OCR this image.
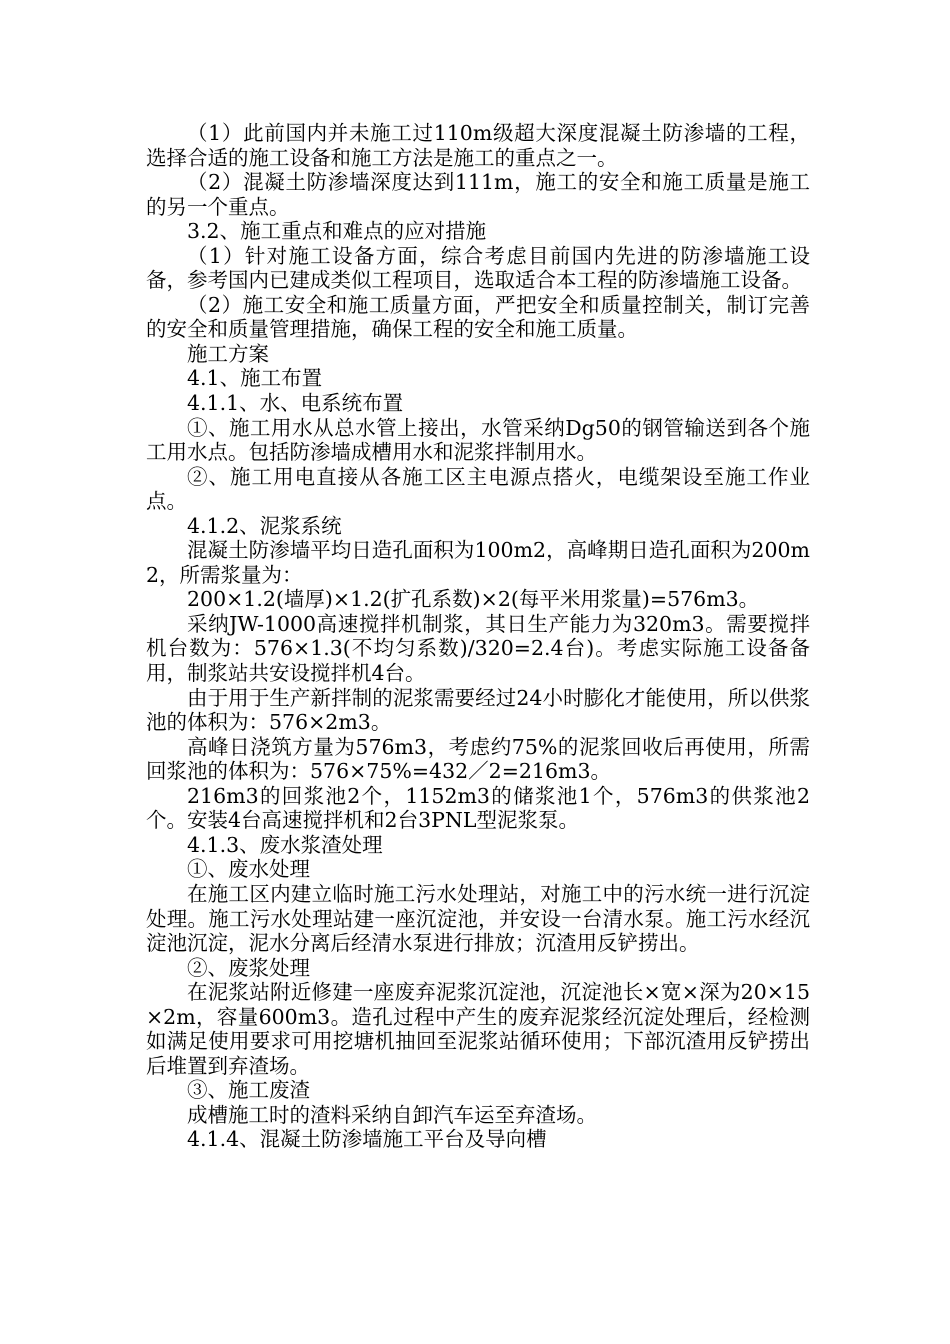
（1）此前国内并未施工过110m级超大深度混凝土防渗墙的工程，选择合适的施工设备和施工方法是施工的重点之一。

（2）混凝土防渗墙深度达到111m，施工的安全和施工质量是施工的另一个重点。

3.2、施工重点和难点的应对措施

（1）针对施工设备方面，综合考虑目前国内先进的防渗墙施工设备，参考国内已建成类似工程项目，选取适合本工程的防渗墙施工设备。

（2）施工安全和施工质量方面，严把安全和质量控制关，制订完善的安全和质量管理措施，确保工程的安全和施工质量。

施工方案

4.1、施工布置

4.1.1、水、电系统布置

①、施工用水从总水管上接出，水管采纳Dg50的钢管输送到各个施工用水点。包括防渗墙成槽用水和泥浆拌制用水。

②、施工用电直接从各施工区主电源点搭火，电缆架设至施工作业点。

4.1.2、泥浆系统

混凝土防渗墙平均日造孔面积为100m2，高峰期日造孔面积为200m2，所需浆量为：

200×1.2(墙厚)×1.2(扩孔系数)×2(每平米用浆量)=576m3。

采纳JW-1000高速搅拌机制浆，其日生产能力为320m3。需要搅拌机台数为：576×1.3(不均匀系数)/320=2.4台)。考虑实际施工设备备用，制浆站共安设搅拌机4台。

由于用于生产新拌制的泥浆需要经过24小时膨化才能使用，所以供浆池的体积为：576×2m3。

高峰日浇筑方量为576m3，考虑约75%的泥浆回收后再使用，所需回浆池的体积为：576×75%=432／2=216m3。

216m3的回浆池2个，1152m3的储浆池1个，576m3的供浆池2个。安装4台高速搅拌机和2台3PNL型泥浆泵。

4.1.3、废水浆渣处理

①、废水处理

在施工区内建立临时施工污水处理站，对施工中的污水统一进行沉淀处理。施工污水处理站建一座沉淀池，并安设一台清水泵。施工污水经沉淀池沉淀，泥水分离后经清水泵进行排放；沉渣用反铲捞出。

②、废浆处理

在泥浆站附近修建一座废弃泥浆沉淀池，沉淀池长×宽×深为20×15×2m，容量600m3。造孔过程中产生的废弃泥浆经沉淀处理后，经检测如满足使用要求可用挖塘机抽回至泥浆站循环使用；下部沉渣用反铲捞出后堆置到弃渣场。

③、施工废渣

成槽施工时的渣料采纳自卸汽车运至弃渣场。

4.1.4、混凝土防渗墙施工平台及导向槽
